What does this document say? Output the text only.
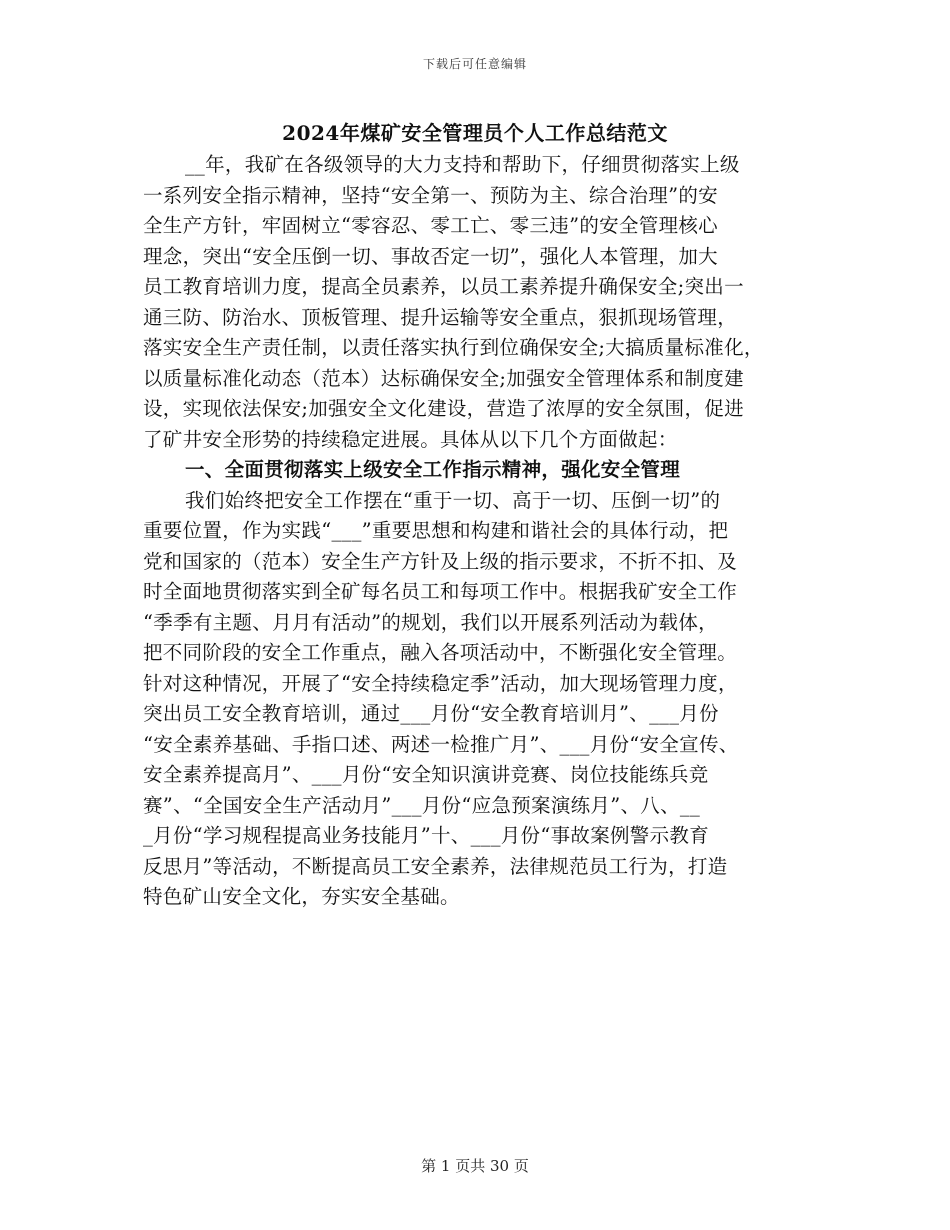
下载后可任意编辑
2024年煤矿安全管理员个人工作总结范文
__年，我矿在各级领导的大力支持和帮助下，仔细贯彻落实上级
一系列安全指示精神，坚持“安全第一、预防为主、综合治理”的安
全生产方针，牢固树立“零容忍、零工亡、零三违”的安全管理核心
理念，突出“安全压倒一切、事故否定一切”，强化人本管理，加大
员工教育培训力度，提高全员素养，以员工素养提升确保安全;突出一
通三防、防治水、顶板管理、提升运输等安全重点，狠抓现场管理，
落实安全生产责任制，以责任落实执行到位确保安全;大搞质量标准化，
以质量标准化动态（范本）达标确保安全;加强安全管理体系和制度建
设，实现依法保安;加强安全文化建设，营造了浓厚的安全氛围，促进
了矿井安全形势的持续稳定进展。具体从以下几个方面做起：
一、全面贯彻落实上级安全工作指示精神，强化安全管理
我们始终把安全工作摆在“重于一切、高于一切、压倒一切”的
重要位置，作为实践“___”重要思想和构建和谐社会的具体行动，把
党和国家的（范本）安全生产方针及上级的指示要求，不折不扣、及
时全面地贯彻落实到全矿每名员工和每项工作中。根据我矿安全工作
“季季有主题、月月有活动”的规划，我们以开展系列活动为载体，
把不同阶段的安全工作重点，融入各项活动中，不断强化安全管理。
针对这种情况，开展了“安全持续稳定季”活动，加大现场管理力度，
突出员工安全教育培训，通过___月份“安全教育培训月”、___月份
“安全素养基础、手指口述、两述一检推广月”、___月份“安全宣传、
安全素养提高月”、___月份“安全知识演讲竞赛、岗位技能练兵竞
赛”、“全国安全生产活动月”___月份“应急预案演练月”、八、__
_月份“学习规程提高业务技能月”十、___月份“事故案例警示教育
反思月”等活动，不断提高员工安全素养，法律规范员工行为，打造
特色矿山安全文化，夯实安全基础。
第 1 页共 30 页
